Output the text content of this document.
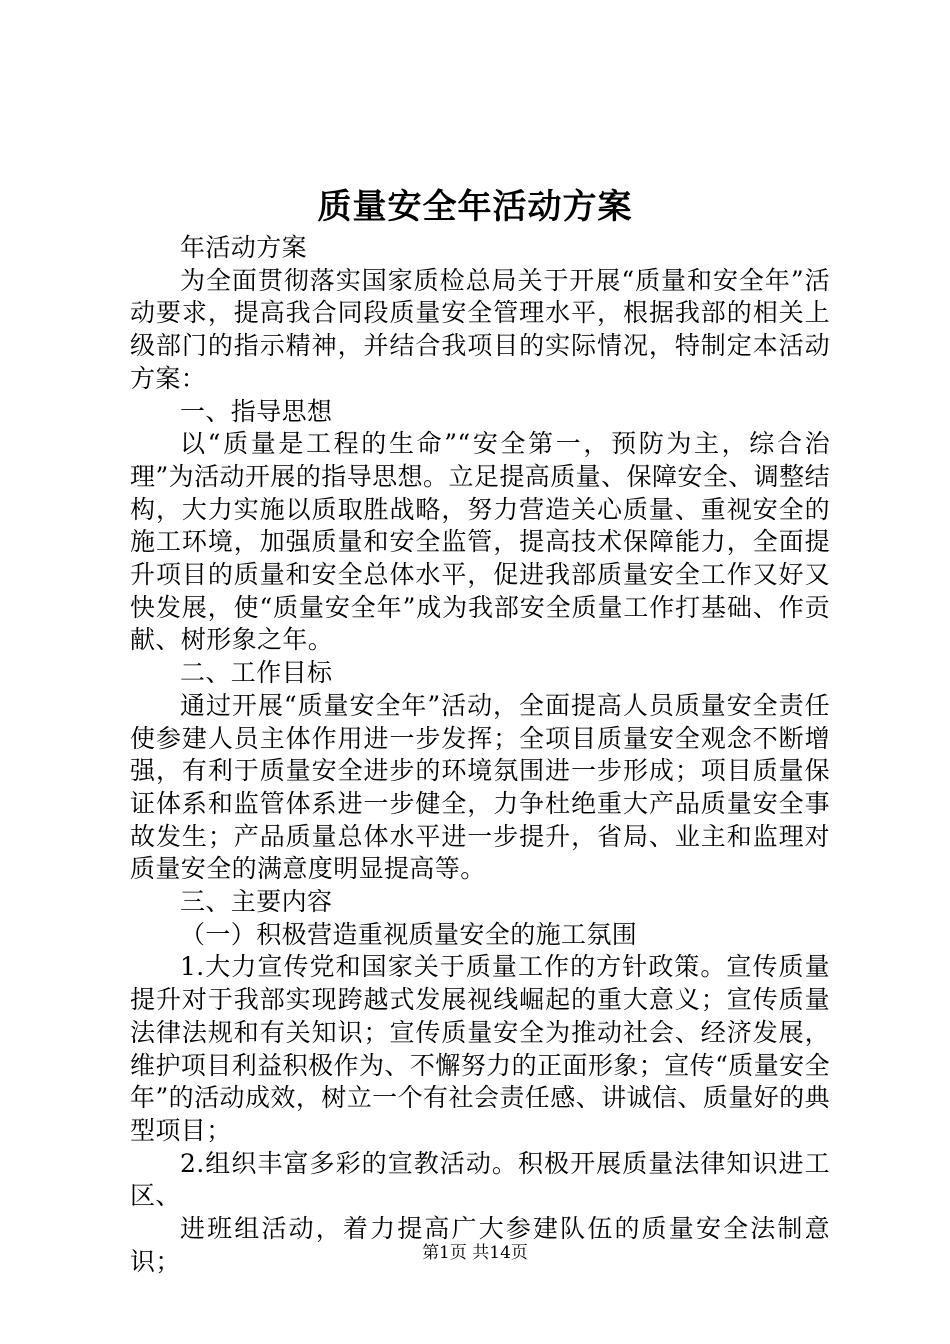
质量安全年活动方案

年活动方案

为全面贯彻落实国家质检总局关于开展“质量和安全年”活动要求，提高我合同段质量安全管理水平，根据我部的相关上级部门的指示精神，并结合我项目的实际情况，特制定本活动方案：

一、指导思想

以“质量是工程的生命”“安全第一，预防为主，综合治理”为活动开展的指导思想。立足提高质量、保障安全、调整结构，大力实施以质取胜战略，努力营造关心质量、重视安全的施工环境，加强质量和安全监管，提高技术保障能力，全面提升项目的质量和安全总体水平，促进我部质量安全工作又好又快发展，使“质量安全年”成为我部安全质量工作打基础、作贡献、树形象之年。

二、工作目标

通过开展“质量安全年”活动，全面提高人员质量安全责任使参建人员主体作用进一步发挥；全项目质量安全观念不断增强，有利于质量安全进步的环境氛围进一步形成；项目质量保证体系和监管体系进一步健全，力争杜绝重大产品质量安全事故发生；产品质量总体水平进一步提升，省局、业主和监理对质量安全的满意度明显提高等。

三、主要内容

（一）积极营造重视质量安全的施工氛围

1.大力宣传党和国家关于质量工作的方针政策。宣传质量提升对于我部实现跨越式发展视线崛起的重大意义；宣传质量法律法规和有关知识；宣传质量安全为推动社会、经济发展，维护项目利益积极作为、不懈努力的正面形象；宣传“质量安全年”的活动成效，树立一个有社会责任感、讲诚信、质量好的典型项目；

2.组织丰富多彩的宣教活动。积极开展质量法律知识进工区、

进班组活动，着力提高广大参建队伍的质量安全法制意识；	第1页 共14页
